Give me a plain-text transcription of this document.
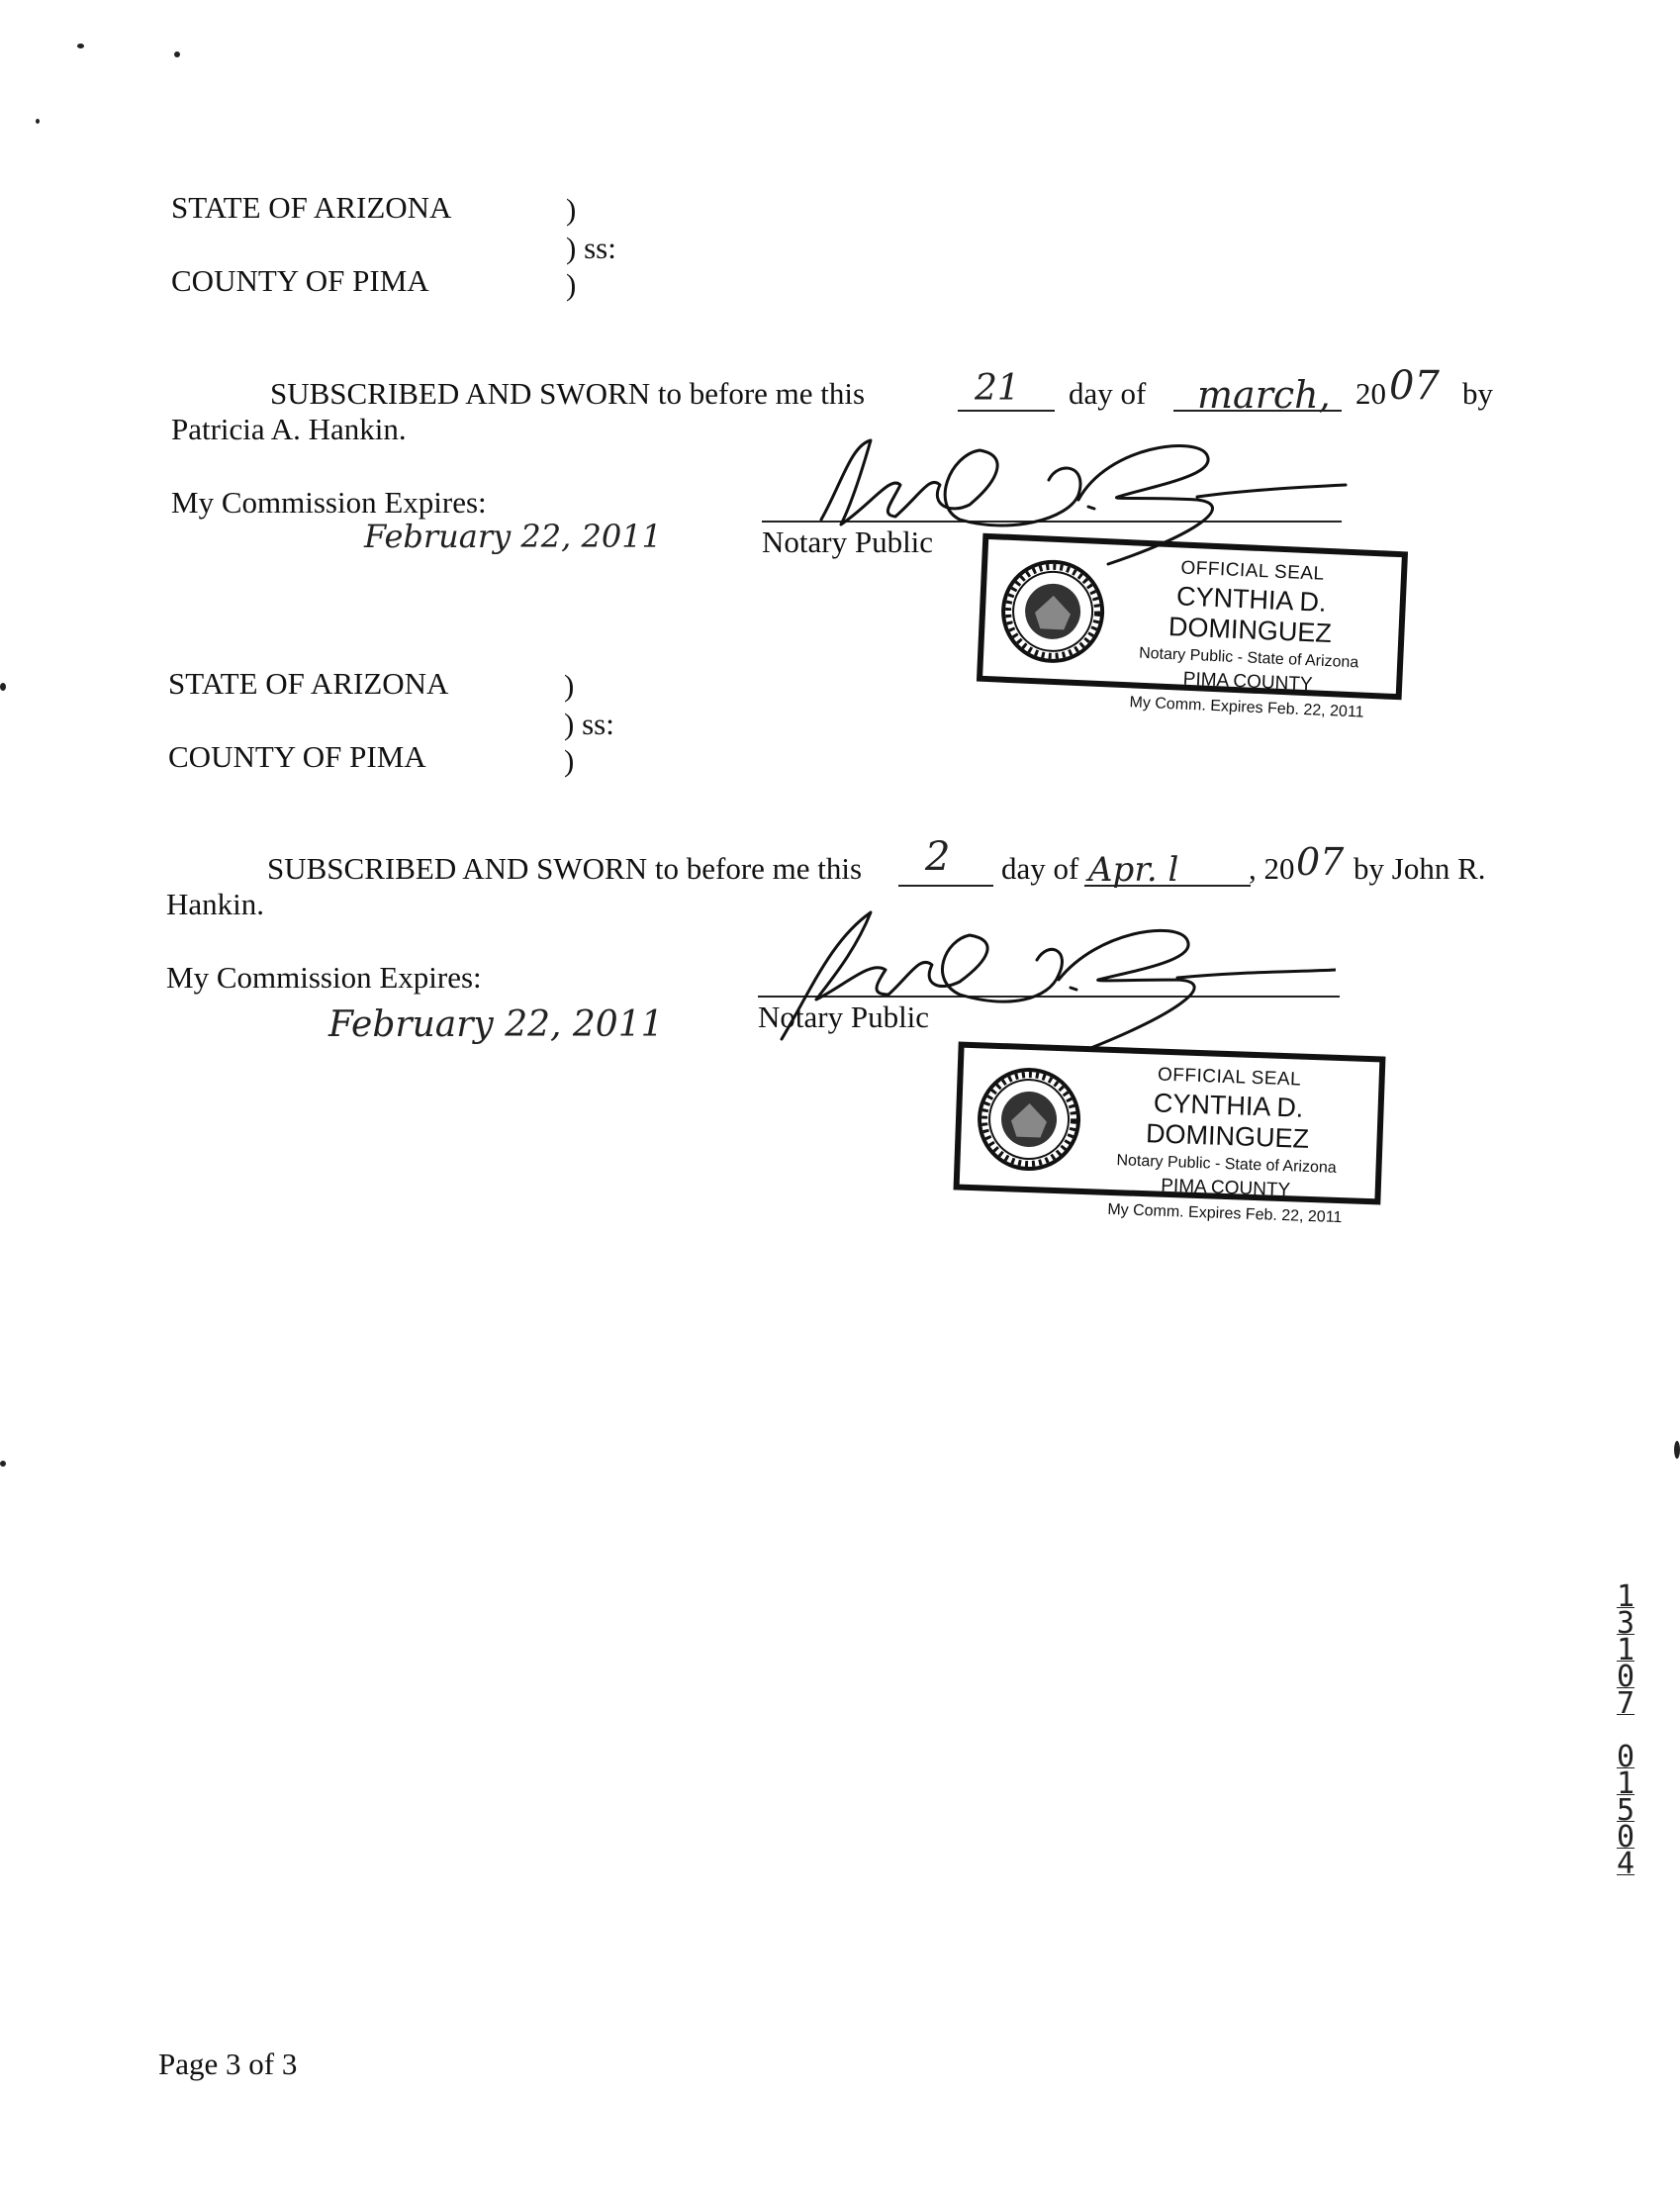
STATE OF ARIZONA
COUNTY OF PIMA
)
) ss:
)
SUBSCRIBED AND SWORN to before me this	21 day of march, 20 07 by
Patricia A. Hankin.
My Commission Expires:
February 22, 2011	Notary Public
OFFICIAL SEAL
CYNTHIA D. DOMINGUEZ
Notary Public - State of Arizona
PIMA COUNTY
My Comm. Expires Feb. 22, 2011
STATE OF ARIZONA
COUNTY OF PIMA
)
) ss:
)
SUBSCRIBED AND SWORN to before me this 2 day of Apr. l , 20 07 by John R.
Hankin.
My Commission Expires:
February 22, 2011	Notary Public
OFFICIAL SEAL
CYNTHIA D. DOMINGUEZ
Notary Public - State of Arizona
PIMA COUNTY
My Comm. Expires Feb. 22, 2011
1
3
1
0
7
0
1
5
0
4
Page 3 of 3
